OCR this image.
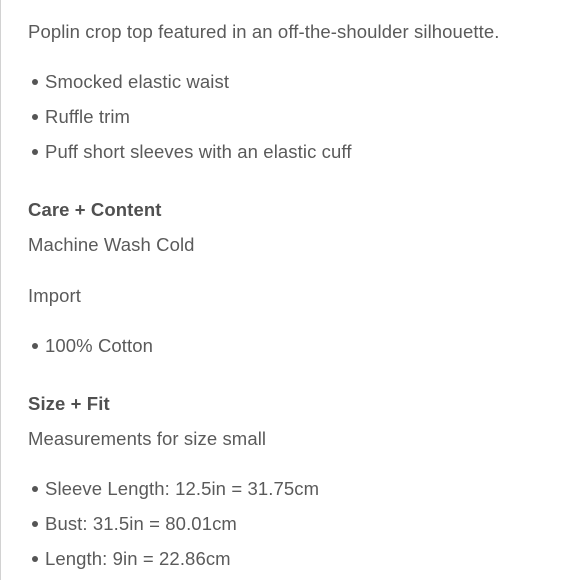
Poplin crop top featured in an off-the-shoulder silhouette.
Smocked elastic waist
Ruffle trim
Puff short sleeves with an elastic cuff
Care + Content
Machine Wash Cold
Import
100% Cotton
Size + Fit
Measurements for size small
Sleeve Length: 12.5in = 31.75cm
Bust: 31.5in = 80.01cm
Length: 9in = 22.86cm
